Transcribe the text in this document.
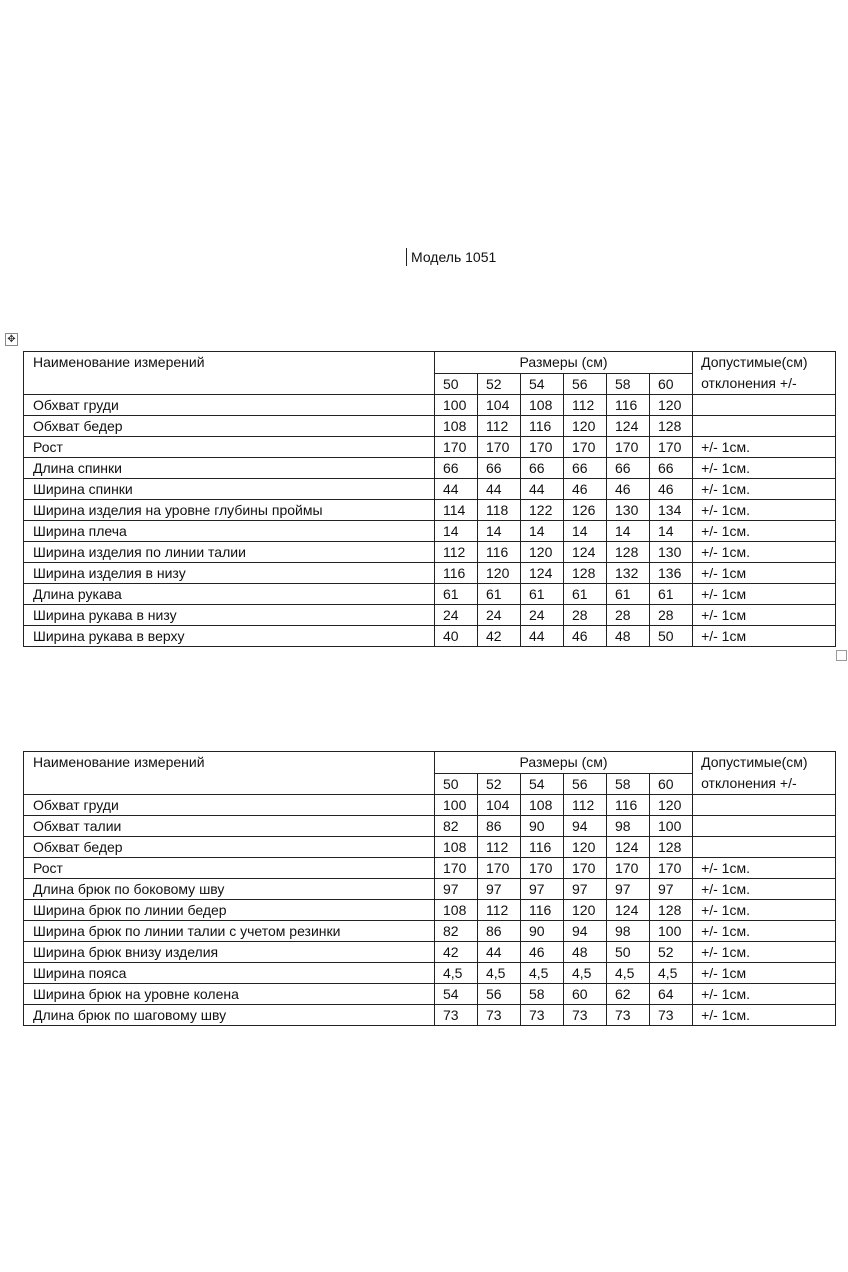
Модель 1051
✥
Наименование измерений	Размеры (см)						Допустимые(см)
отклонения +/-

	50	52	54	56	58	60	
Обхват груди	100	104	108	112	116	120	
Обхват бедер	108	112	116	120	124	128	
Рост	170	170	170	170	170	170	+/- 1см.
Длина спинки	66	66	66	66	66	66	+/- 1см.
Ширина спинки	44	44	44	46	46	46	+/- 1см.
Ширина изделия на уровне глубины проймы	114	118	122	126	130	134	+/- 1см.
Ширина плеча	14	14	14	14	14	14	+/- 1см.
Ширина изделия по линии талии	112	116	120	124	128	130	+/- 1см.
Ширина изделия в низу	116	120	124	128	132	136	+/- 1см
Длина рукава	61	61	61	61	61	61	+/- 1см
Ширина рукава в низу	24	24	24	28	28	28	+/- 1см
Ширина рукава в верху	40	42	44	46	48	50	+/- 1см
Наименование измерений	Размеры (см)						Допустимые(см)
отклонения +/-

	50	52	54	56	58	60	
Обхват груди	100	104	108	112	116	120	
Обхват талии	82	86	90	94	98	100	
Обхват бедер	108	112	116	120	124	128	
Рост	170	170	170	170	170	170	+/- 1см.
Длина брюк по боковому шву	97	97	97	97	97	97	+/- 1см.
Ширина брюк по линии бедер	108	112	116	120	124	128	+/- 1см.
Ширина брюк по линии талии с учетом резинки	82	86	90	94	98	100	+/- 1см.
Ширина брюк внизу изделия	42	44	46	48	50	52	+/- 1см.
Ширина пояса	4,5	4,5	4,5	4,5	4,5	4,5	+/- 1см
Ширина брюк на уровне колена	54	56	58	60	62	64	+/- 1см.
Длина брюк по шаговому шву	73	73	73	73	73	73	+/- 1см.
